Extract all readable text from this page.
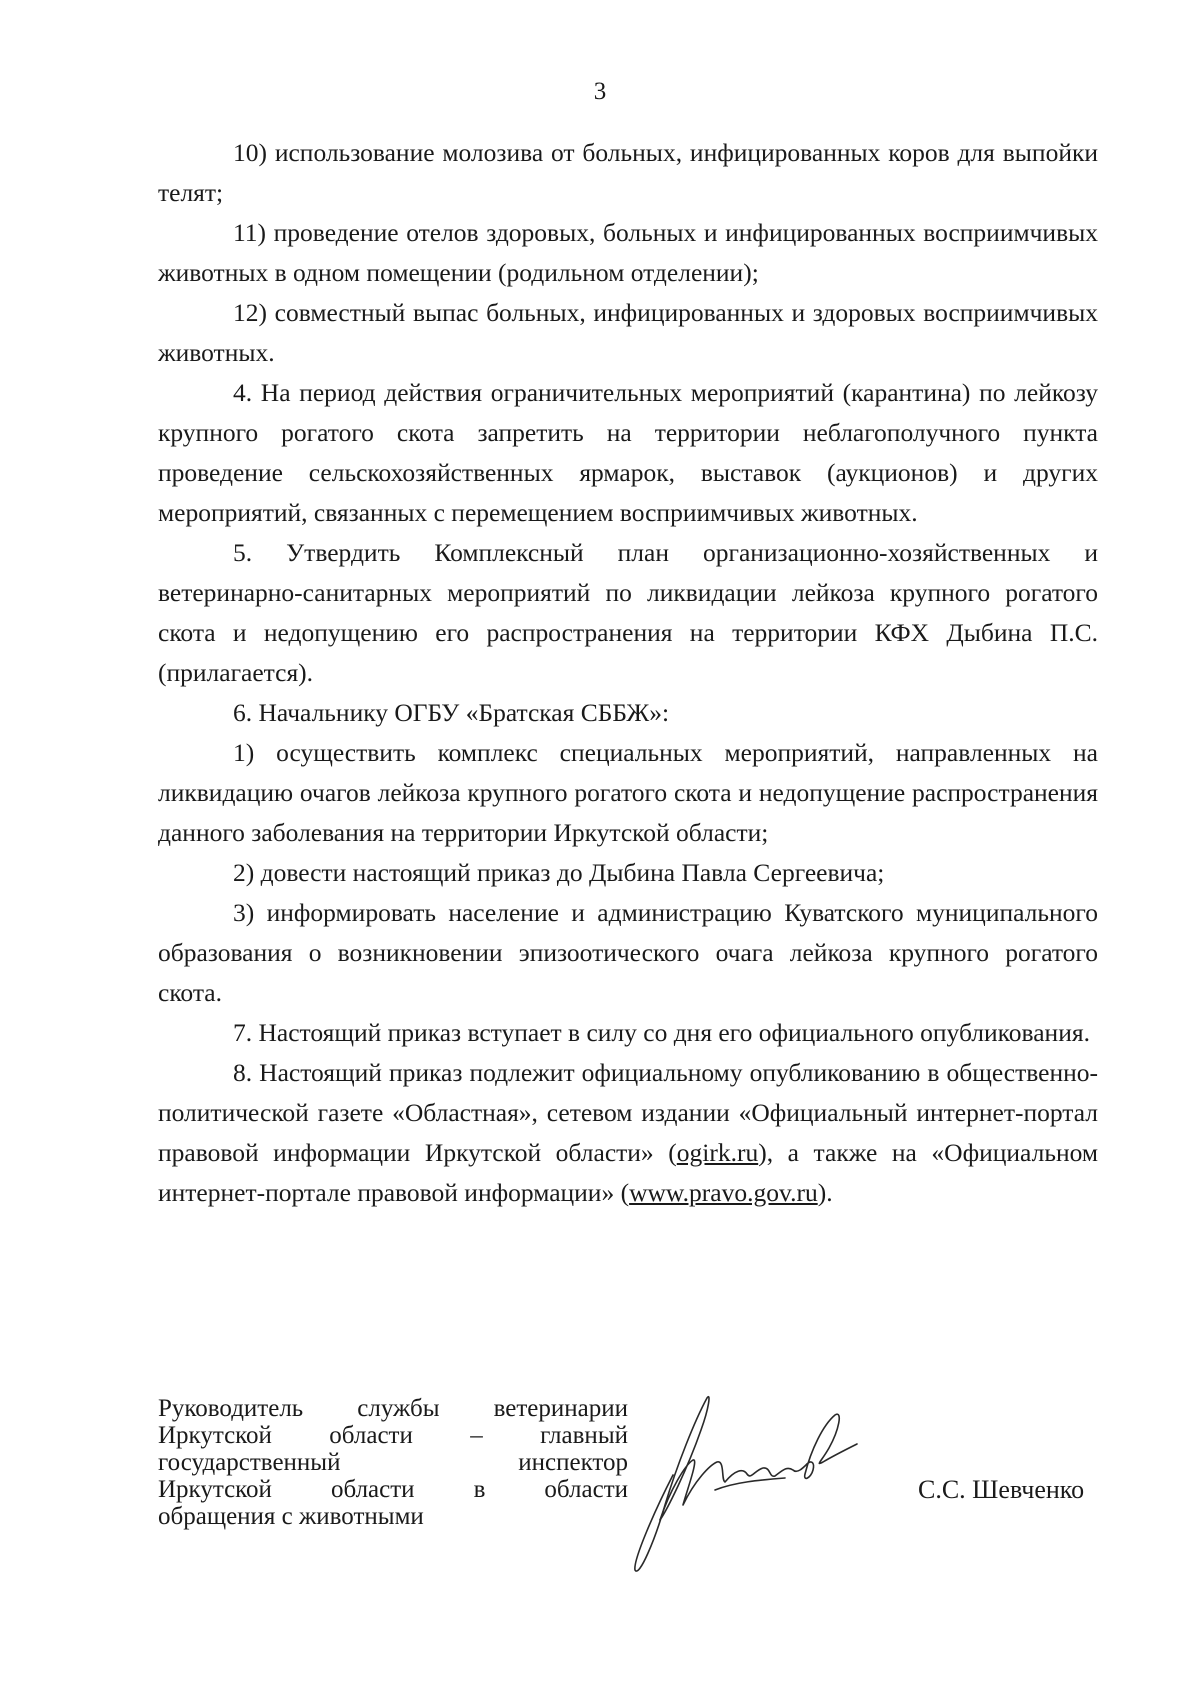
3

10) использование молозива от больных, инфицированных коров для выпойки телят;

11) проведение отелов здоровых, больных и инфицированных восприимчивых животных в одном помещении (родильном отделении);

12) совместный выпас больных, инфицированных и здоровых восприимчивых животных.

4. На период действия ограничительных мероприятий (карантина) по лейкозу крупного рогатого скота запретить на территории неблагополучного пункта проведение сельскохозяйственных ярмарок, выставок (аукционов) и других мероприятий, связанных с перемещением восприимчивых животных.

5. Утвердить Комплексный план организационно-хозяйственных и ветеринарно-санитарных мероприятий по ликвидации лейкоза крупного рогатого скота и недопущению его распространения на территории КФХ Дыбина П.С. (прилагается).

6. Начальнику ОГБУ «Братская СББЖ»:

1) осуществить комплекс специальных мероприятий, направленных на ликвидацию очагов лейкоза крупного рогатого скота и недопущение распространения данного заболевания на территории Иркутской области;

2) довести настоящий приказ до Дыбина Павла Сергеевича;

3) информировать население и администрацию Куватского муниципального образования о возникновении эпизоотического очага лейкоза крупного рогатого скота.

7. Настоящий приказ вступает в силу со дня его официального опубликования.

8. Настоящий приказ подлежит официальному опубликованию в общественно-политической газете «Областная», сетевом издании «Официальный интернет-портал правовой информации Иркутской области» (ogirk.ru), а также на «Официальном интернет-портале правовой информации» (www.pravo.gov.ru).

Руководитель службы ветеринарии
Иркутской области – главный
государственный инспектор
Иркутской области в области
обращения с животными
С.С. Шевченко
